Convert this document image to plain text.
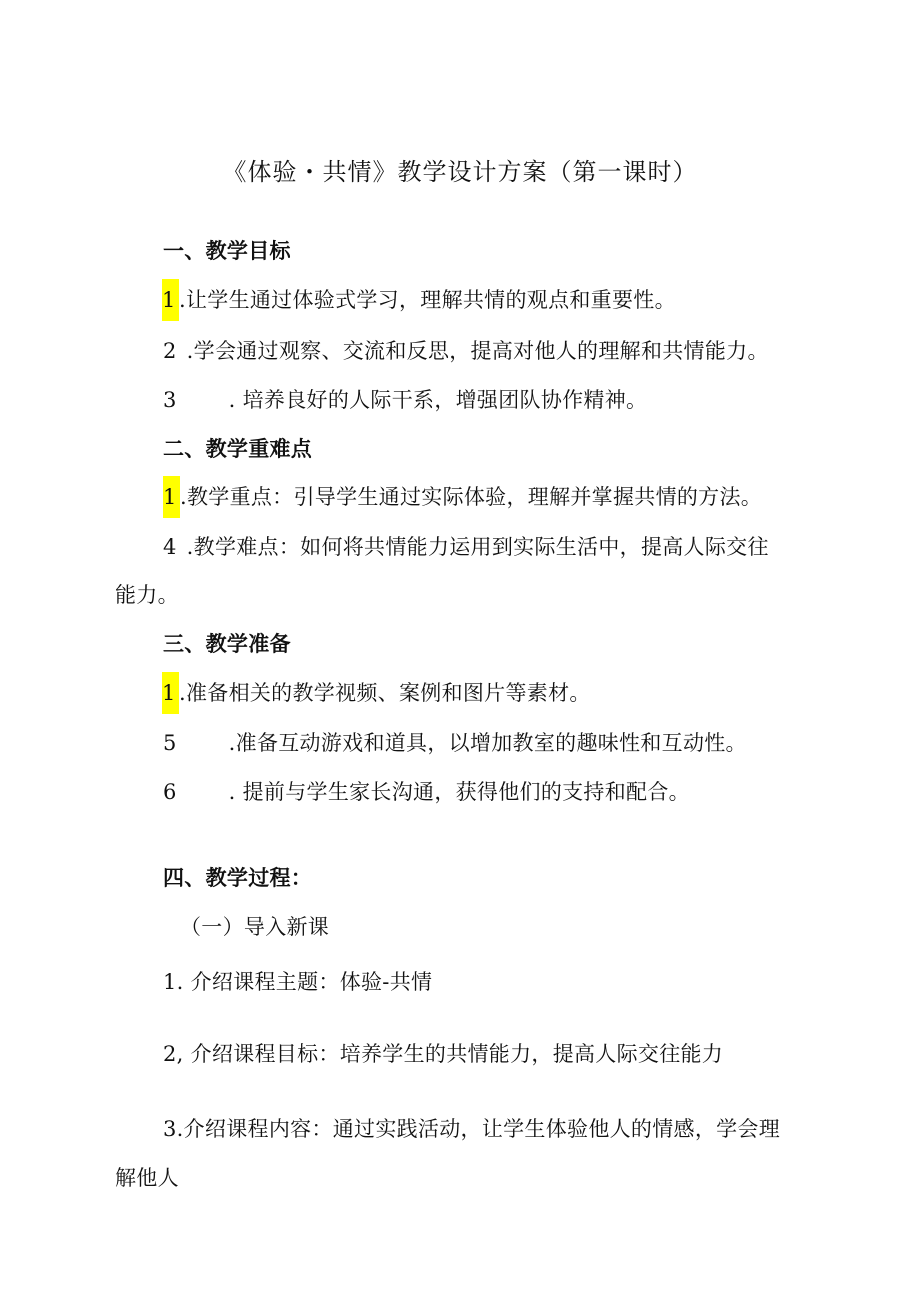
《体验・共情》教学设计方案（第一课时）
一、教学目标
1 .让学生通过体验式学习，理解共情的观点和重要性。
2 .学会通过观察、交流和反思，提高对他人的理解和共情能力。
3 . 培养良好的人际干系，增强团队协作精神。
二、教学重难点
1 .教学重点：引导学生通过实际体验，理解并掌握共情的方法。
4 .教学难点：如何将共情能力运用到实际生活中，提高人际交往
能力。
三、教学准备
1 .准备相关的教学视频、案例和图片等素材。
5 .准备互动游戏和道具，以增加教室的趣味性和互动性。
6 . 提前与学生家长沟通，获得他们的支持和配合。
四、教学过程：
（一）导入新课
1. 介绍课程主题：体验-共情
2, 介绍课程目标：培养学生的共情能力，提高人际交往能力
3.介绍课程内容：通过实践活动，让学生体验他人的情感，学会理
解他人
